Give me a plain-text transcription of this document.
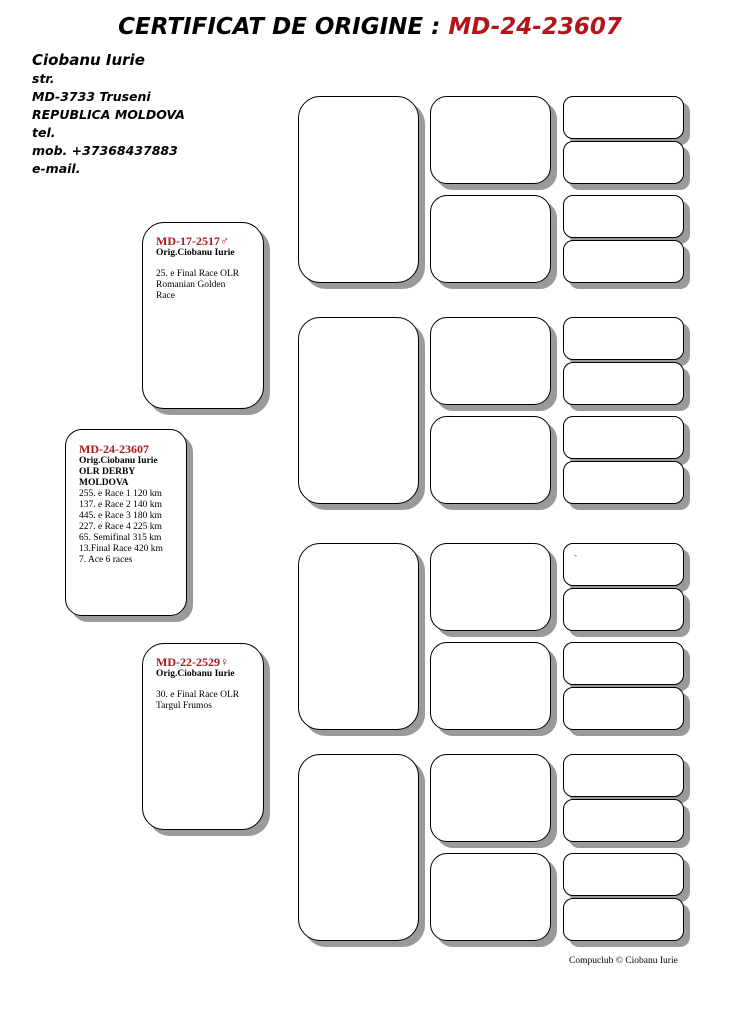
CERTIFICAT DE ORIGINE : MD-24-23607
Ciobanu Iurie
str.
MD-3733 Truseni
REPUBLICA MOLDOVA
tel.
mob. +37368437883
e-mail.
MD-24-23607
Orig.Ciobanu Iurie
OLR DERBY
MOLDOVA
255. e Race 1 120 km
137. e Race 2 140 km
445. e Race 3 180 km
227. e Race 4 225 km
65. Semifinal 315 km
13.Final Race 420 km
7. Ace 6 races
MD-17-2517♂
Orig.Ciobanu Iurie
25. e Final Race OLR
Romanian Golden
Race
MD-22-2529♀
Orig.Ciobanu Iurie
30. e Final Race OLR
Targul Frumos
-
Compuclub © Ciobanu Iurie
